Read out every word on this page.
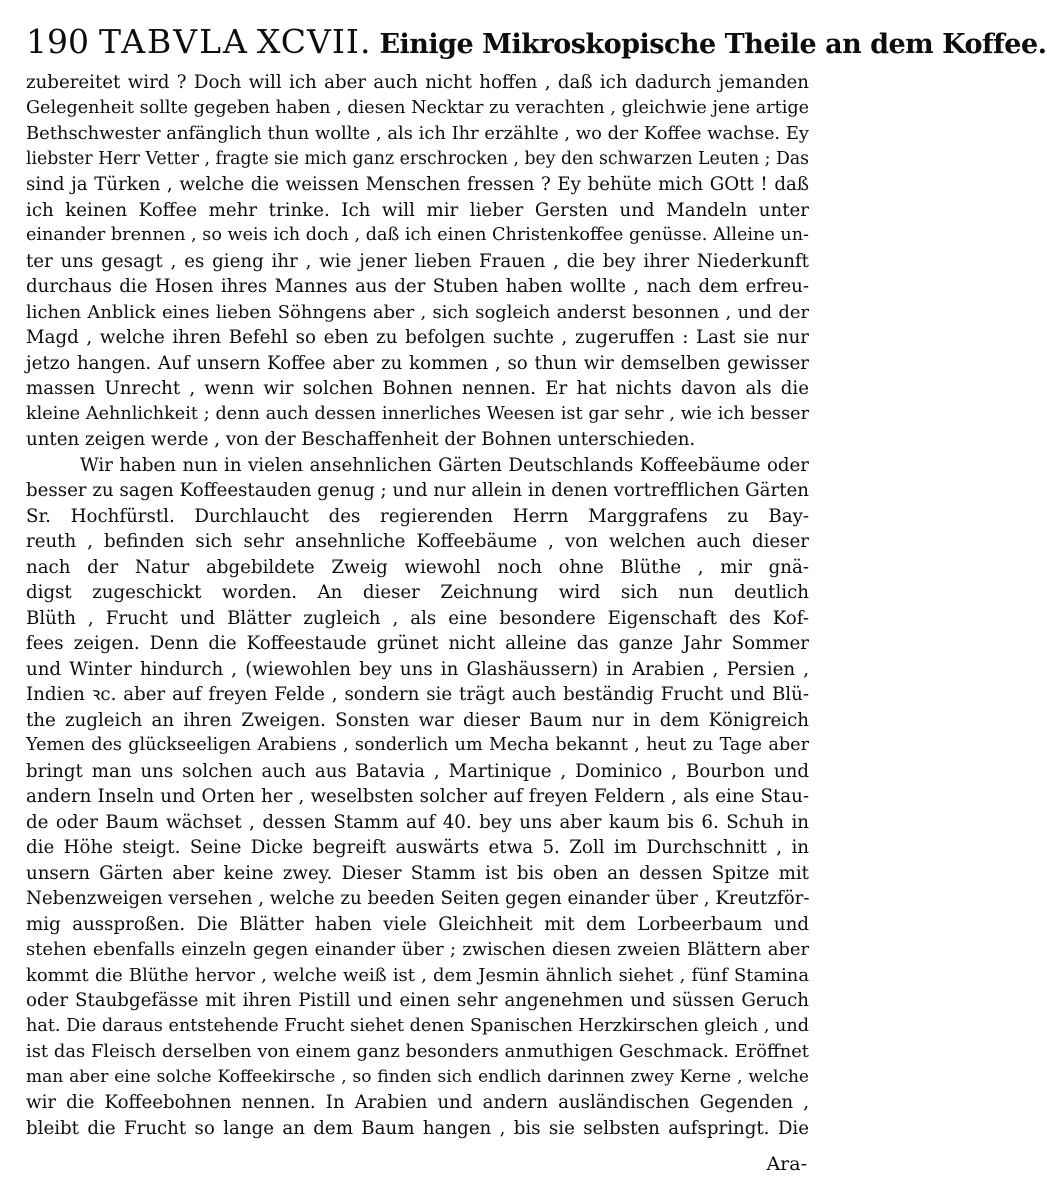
190 TABVLA XCVII. Einige Mikroskopische Theile an dem Koffee.
zubereitet wird ? Doch will ich aber auch nicht hoffen , daß ich dadurch jemanden
Gelegenheit sollte gegeben haben , diesen Necktar zu verachten , gleichwie jene artige
Bethschwester anfänglich thun wollte , als ich Ihr erzählte , wo der Koffee wachse. Ey
liebster Herr Vetter , fragte sie mich ganz erschrocken , bey den schwarzen Leuten ; Das
sind ja Türken , welche die weissen Menschen fressen ? Ey behüte mich GOtt ! daß
ich keinen Koffee mehr trinke. Ich will mir lieber Gersten und Mandeln unter
einander brennen , so weis ich doch , daß ich einen Christenkoffee genüsse. Alleine un-
ter uns gesagt , es gieng ihr , wie jener lieben Frauen , die bey ihrer Niederkunft
durchaus die Hosen ihres Mannes aus der Stuben haben wollte , nach dem erfreu-
lichen Anblick eines lieben Söhngens aber , sich sogleich anderst besonnen , und der
Magd , welche ihren Befehl so eben zu befolgen suchte , zugeruffen : Last sie nur
jetzo hangen. Auf unsern Koffee aber zu kommen , so thun wir demselben gewisser
massen Unrecht , wenn wir solchen Bohnen nennen. Er hat nichts davon als die
kleine Aehnlichkeit ; denn auch dessen innerliches Weesen ist gar sehr , wie ich besser
unten zeigen werde , von der Beschaffenheit der Bohnen unterschieden.
Wir haben nun in vielen ansehnlichen Gärten Deutschlands Koffeebäume oder
besser zu sagen Koffeestauden genug ; und nur allein in denen vortrefflichen Gärten
Sr. Hochfürstl. Durchlaucht des regierenden Herrn Marggrafens zu Bay-
reuth , befinden sich sehr ansehnliche Koffeebäume , von welchen auch dieser
nach der Natur abgebildete Zweig wiewohl noch ohne Blüthe , mir gnä-
digst zugeschickt worden. An dieser Zeichnung wird sich nun deutlich
Blüth , Frucht und Blätter zugleich , als eine besondere Eigenschaft des Kof-
fees zeigen. Denn die Koffeestaude grünet nicht alleine das ganze Jahr Sommer
und Winter hindurch , (wiewohlen bey uns in Glashäussern) in Arabien , Persien ,
Indien ꝛc. aber auf freyen Felde , sondern sie trägt auch beständig Frucht und Blü-
the zugleich an ihren Zweigen. Sonsten war dieser Baum nur in dem Königreich
Yemen des glückseeligen Arabiens , sonderlich um Mecha bekannt , heut zu Tage aber
bringt man uns solchen auch aus Batavia , Martinique , Dominico , Bourbon und
andern Inseln und Orten her , weselbsten solcher auf freyen Feldern , als eine Stau-
de oder Baum wächset , dessen Stamm auf 40. bey uns aber kaum bis 6. Schuh in
die Höhe steigt. Seine Dicke begreift auswärts etwa 5. Zoll im Durchschnitt , in
unsern Gärten aber keine zwey. Dieser Stamm ist bis oben an dessen Spitze mit
Nebenzweigen versehen , welche zu beeden Seiten gegen einander über , Kreutzför-
mig aussproßen. Die Blätter haben viele Gleichheit mit dem Lorbeerbaum und
stehen ebenfalls einzeln gegen einander über ; zwischen diesen zweien Blättern aber
kommt die Blüthe hervor , welche weiß ist , dem Jesmin ähnlich siehet , fünf Stamina
oder Staubgefässe mit ihren Pistill und einen sehr angenehmen und süssen Geruch
hat. Die daraus entstehende Frucht siehet denen Spanischen Herzkirschen gleich , und
ist das Fleisch derselben von einem ganz besonders anmuthigen Geschmack. Eröffnet
man aber eine solche Koffeekirsche , so finden sich endlich darinnen zwey Kerne , welche
wir die Koffeebohnen nennen. In Arabien und andern ausländischen Gegenden ,
bleibt die Frucht so lange an dem Baum hangen , bis sie selbsten aufspringt. Die
Ara-
